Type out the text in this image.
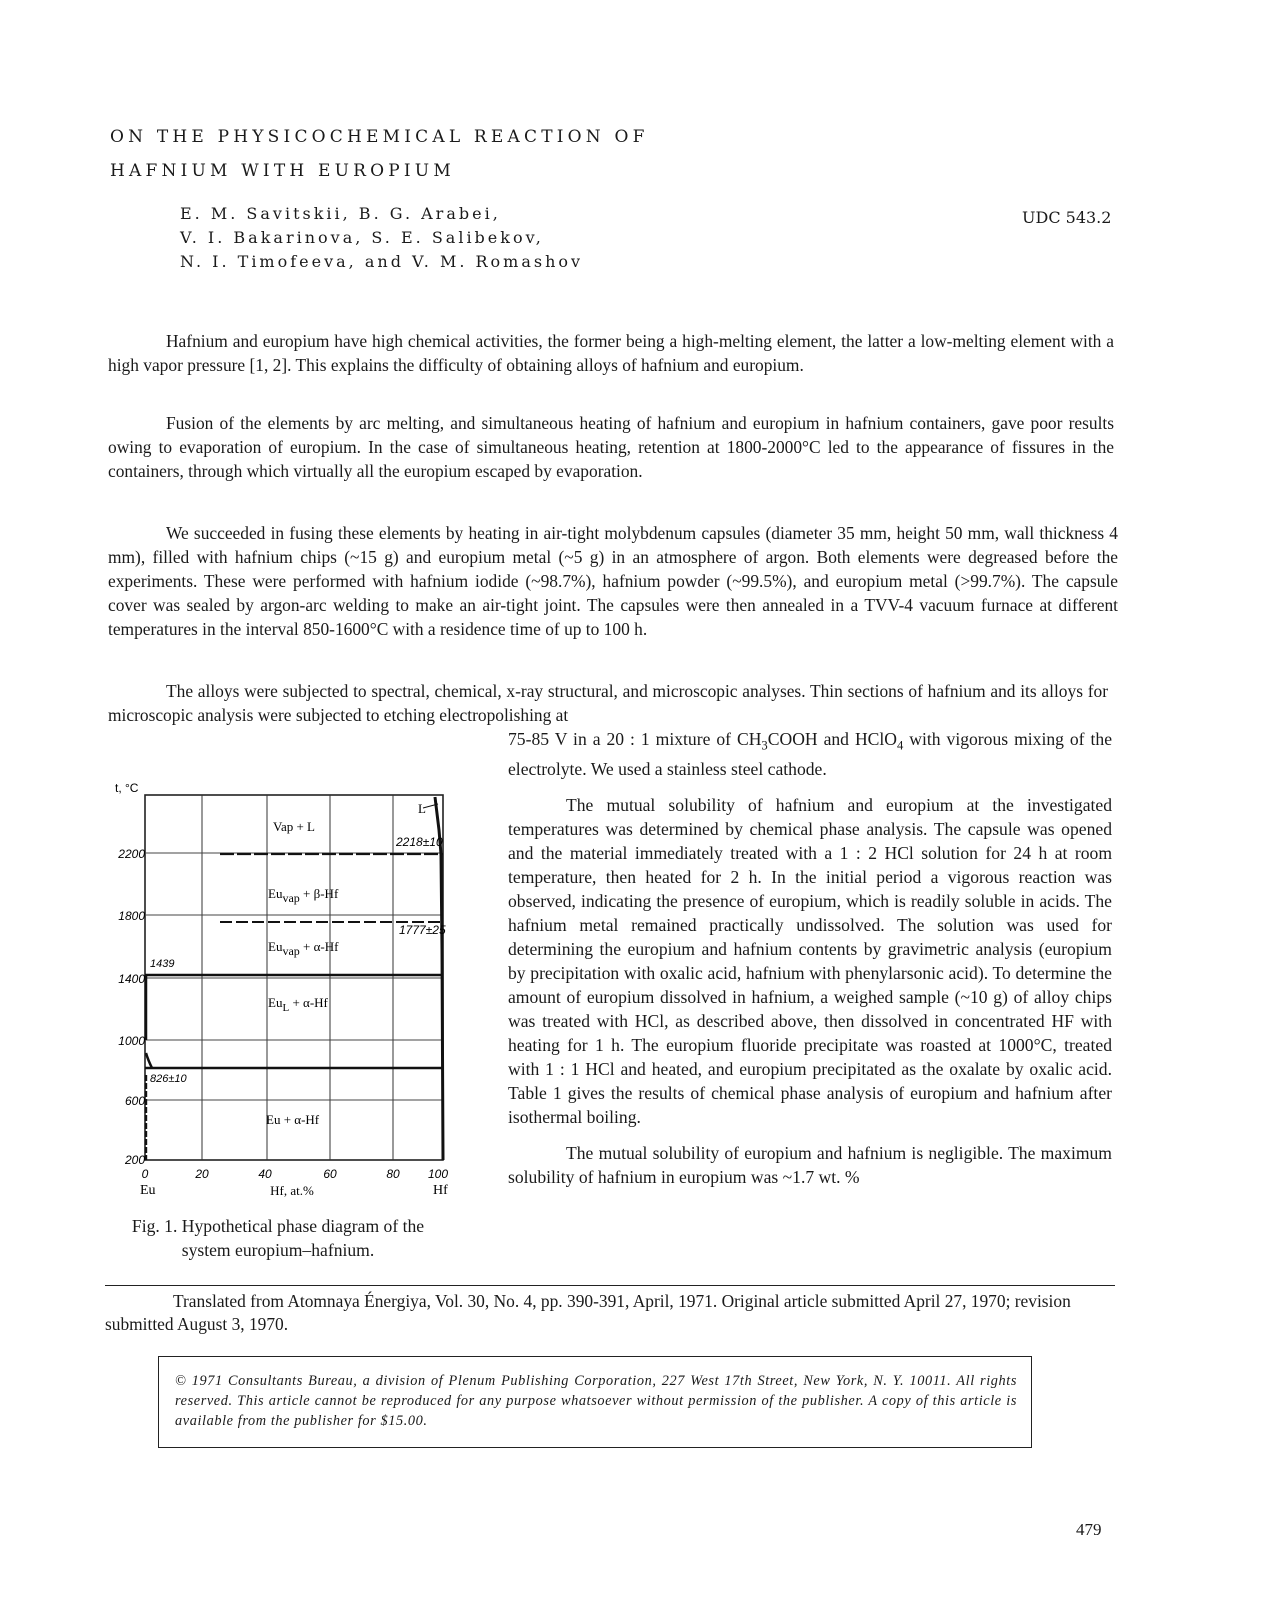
ON THE PHYSICOCHEMICAL REACTION OF
HAFNIUM WITH EUROPIUM
E. M. Savitskii, B. G. Arabei,
V. I. Bakarinova, S. E. Salibekov,
N. I. Timofeeva, and V. M. Romashov
UDC 543.2

Hafnium and europium have high chemical activities, the former being a high-melting element, the latter a low-melting element with a high vapor pressure [1, 2]. This explains the difficulty of obtaining alloys of hafnium and europium.

Fusion of the elements by arc melting, and simultaneous heating of hafnium and europium in hafnium containers, gave poor results owing to evaporation of europium. In the case of simultaneous heating, retention at 1800-2000°C led to the appearance of fissures in the containers, through which virtually all the europium escaped by evaporation.

We succeeded in fusing these elements by heating in air-tight molybdenum capsules (diameter 35 mm, height 50 mm, wall thickness 4 mm), filled with hafnium chips (~15 g) and europium metal (~5 g) in an atmosphere of argon. Both elements were degreased before the experiments. These were performed with hafnium iodide (~98.7%), hafnium powder (~99.5%), and europium metal (>99.7%). The capsule cover was sealed by argon-arc welding to make an air-tight joint. The capsules were then annealed in a TVV-4 vacuum furnace at different temperatures in the interval 850-1600°C with a residence time of up to 100 h.

The alloys were subjected to spectral, chemical, x-ray structural, and microscopic analyses. Thin sections of hafnium and its alloys for microscopic analysis were subjected to etching electropolishing at

75-85 V in a 20 : 1 mixture of $CH_3COOH$ and HClO$_4$ with vigorous mixing of the electrolyte. We used a stainless steel cathode.

The mutual solubility of hafnium and europium at the investigated temperatures was determined by chemical phase analysis. The capsule was opened and the material immediately treated with a 1 : 2 HCl solution for 24 h at room temperature, then heated for 2 h. In the initial period a vigorous reaction was observed, indicating the presence of europium, which is readily soluble in acids. The hafnium metal remained practically undissolved. The solution was used for determining the europium and hafnium contents by gravimetric analysis (europium by precipitation with oxalic acid, hafnium with phenylarsonic acid). To determine the amount of europium dissolved in hafnium, a weighed sample (~10 g) of alloy chips was treated with HCl, as described above, then dissolved in concentrated HF with heating for 1 h. The europium fluoride precipitate was roasted at 1000°C, treated with 1 : 1 HCl and heated, and europium precipitated as the oxalate by oxalic acid. Table 1 gives the results of chemical phase analysis of europium and hafnium after isothermal boiling.

The mutual solubility of europium and hafnium is negligible. The maximum solubility of hafnium in europium was ~1.7 wt. %

t, °C
2200
1800
1400
1000
600
200
0	20	40	60	80 100
Eu	Hf
Hf, at.%
Vap + L
L
Euvap + β-Hf
Euvap + α-Hf
$Eu_L + \alpha-Hf$
Eu + α-Hf
2218±10
1777±25
1439
826±10
Fig. 1. Hypothetical phase diagram of the system europium–hafnium.
Translated from Atomnaya Énergiya, Vol. 30, No. 4, pp. 390-391, April, 1971. Original article submitted April 27, 1970; revision submitted August 3, 1970.
© 1971 Consultants Bureau, a division of Plenum Publishing Corporation, 227 West 17th Street, New York, N. Y. 10011. All rights reserved. This article cannot be reproduced for any purpose whatsoever without permission of the publisher. A copy of this article is available from the publisher for $15.00.
479
